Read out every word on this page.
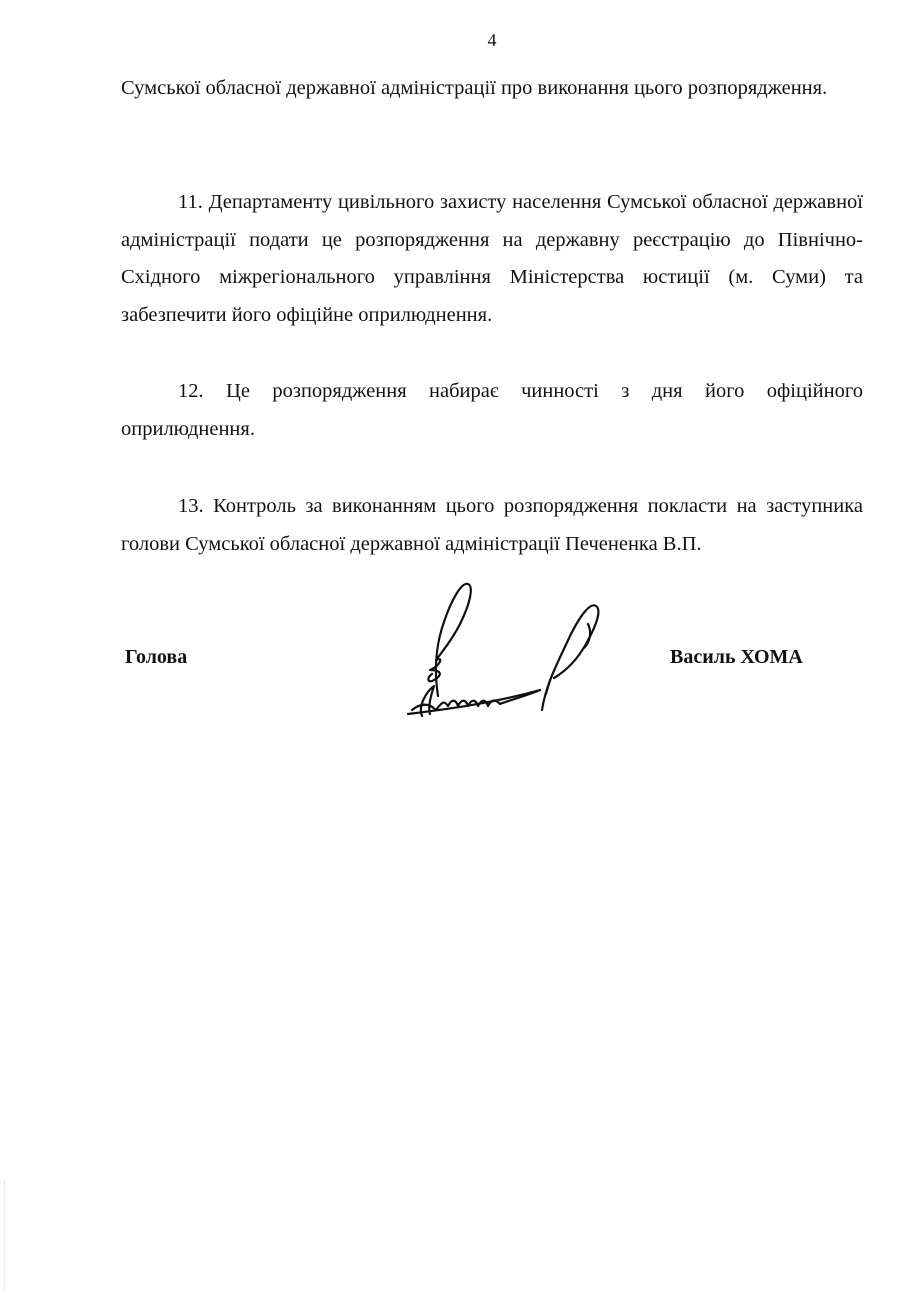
4

Сумської обласної державної адміністрації про виконання цього розпорядження.

11. Департаменту цивільного захисту населення Сумської обласної державної адміністрації подати це розпорядження на державну реєстрацію до Північно-Східного міжрегіонального управління Міністерства юстиції (м. Суми) та забезпечити його офіційне оприлюднення.

12. Це розпорядження набирає чинності з дня його офіційного оприлюднення.

13. Контроль за виконанням цього розпорядження покласти на заступника голови Сумської обласної державної адміністрації Печененка В.П.

Голова	Василь ХОМА
